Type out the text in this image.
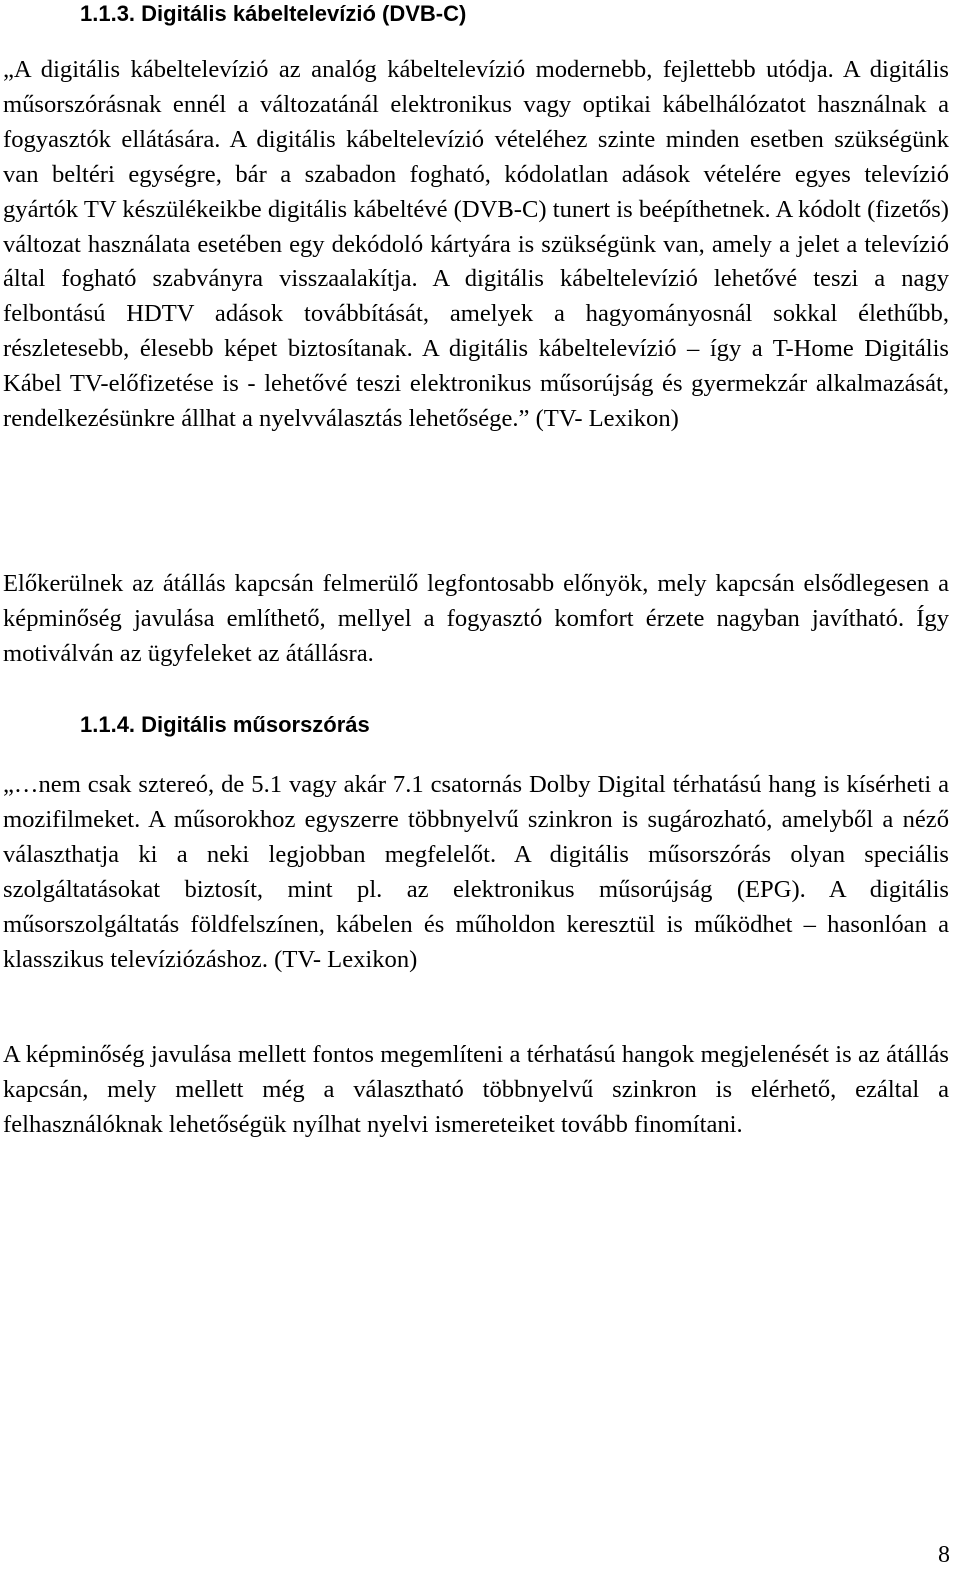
1.1.3. Digitális kábeltelevízió (DVB-C)

„A digitális kábeltelevízió az analóg kábeltelevízió modernebb, fejlettebb utódja. A digitális műsorszórásnak ennél a változatánál elektronikus vagy optikai kábelhálózatot használnak a fogyasztók ellátására. A digitális kábeltelevízió vételéhez szinte minden esetben szükségünk van beltéri egységre, bár a szabadon fogható, kódolatlan adások vételére egyes televízió gyártók TV készülékeikbe digitális kábeltévé (DVB-C) tunert is beépíthetnek. A kódolt (fizetős) változat használata esetében egy dekódoló kártyára is szükségünk van, amely a jelet a televízió által fogható szabványra visszaalakítja. A digitális kábeltelevízió lehetővé teszi a nagy felbontású HDTV adások továbbítását, amelyek a hagyományosnál sokkal élethűbb, részletesebb, élesebb képet biztosítanak. A digitális kábeltelevízió – így a T-Home Digitális Kábel TV-előfizetése is - lehetővé teszi elektronikus műsorújság és gyermekzár alkalmazását, rendelkezésünkre állhat a nyelvválasztás lehetősége.” (TV- Lexikon)

Előkerülnek az átállás kapcsán felmerülő legfontosabb előnyök, mely kapcsán elsődlegesen a képminőség javulása említhető, mellyel a fogyasztó komfort érzete nagyban javítható. Így motiválván az ügyfeleket az átállásra.

1.1.4. Digitális műsorszórás

„…nem csak sztereó, de 5.1 vagy akár 7.1 csatornás Dolby Digital térhatású hang is kísérheti a mozifilmeket. A műsorokhoz egyszerre többnyelvű szinkron is sugározható, amelyből a néző választhatja ki a neki legjobban megfelelőt. A digitális műsorszórás olyan speciális szolgáltatásokat biztosít, mint pl. az elektronikus műsorújság (EPG). A digitális műsorszolgáltatás földfelszínen, kábelen és műholdon keresztül is működhet – hasonlóan a klasszikus televíziózáshoz. (TV- Lexikon)

A képminőség javulása mellett fontos megemlíteni a térhatású hangok megjelenését is az átállás kapcsán, mely mellett még a választható többnyelvű szinkron is elérhető, ezáltal a felhasználóknak lehetőségük nyílhat nyelvi ismereteiket tovább finomítani.

8
